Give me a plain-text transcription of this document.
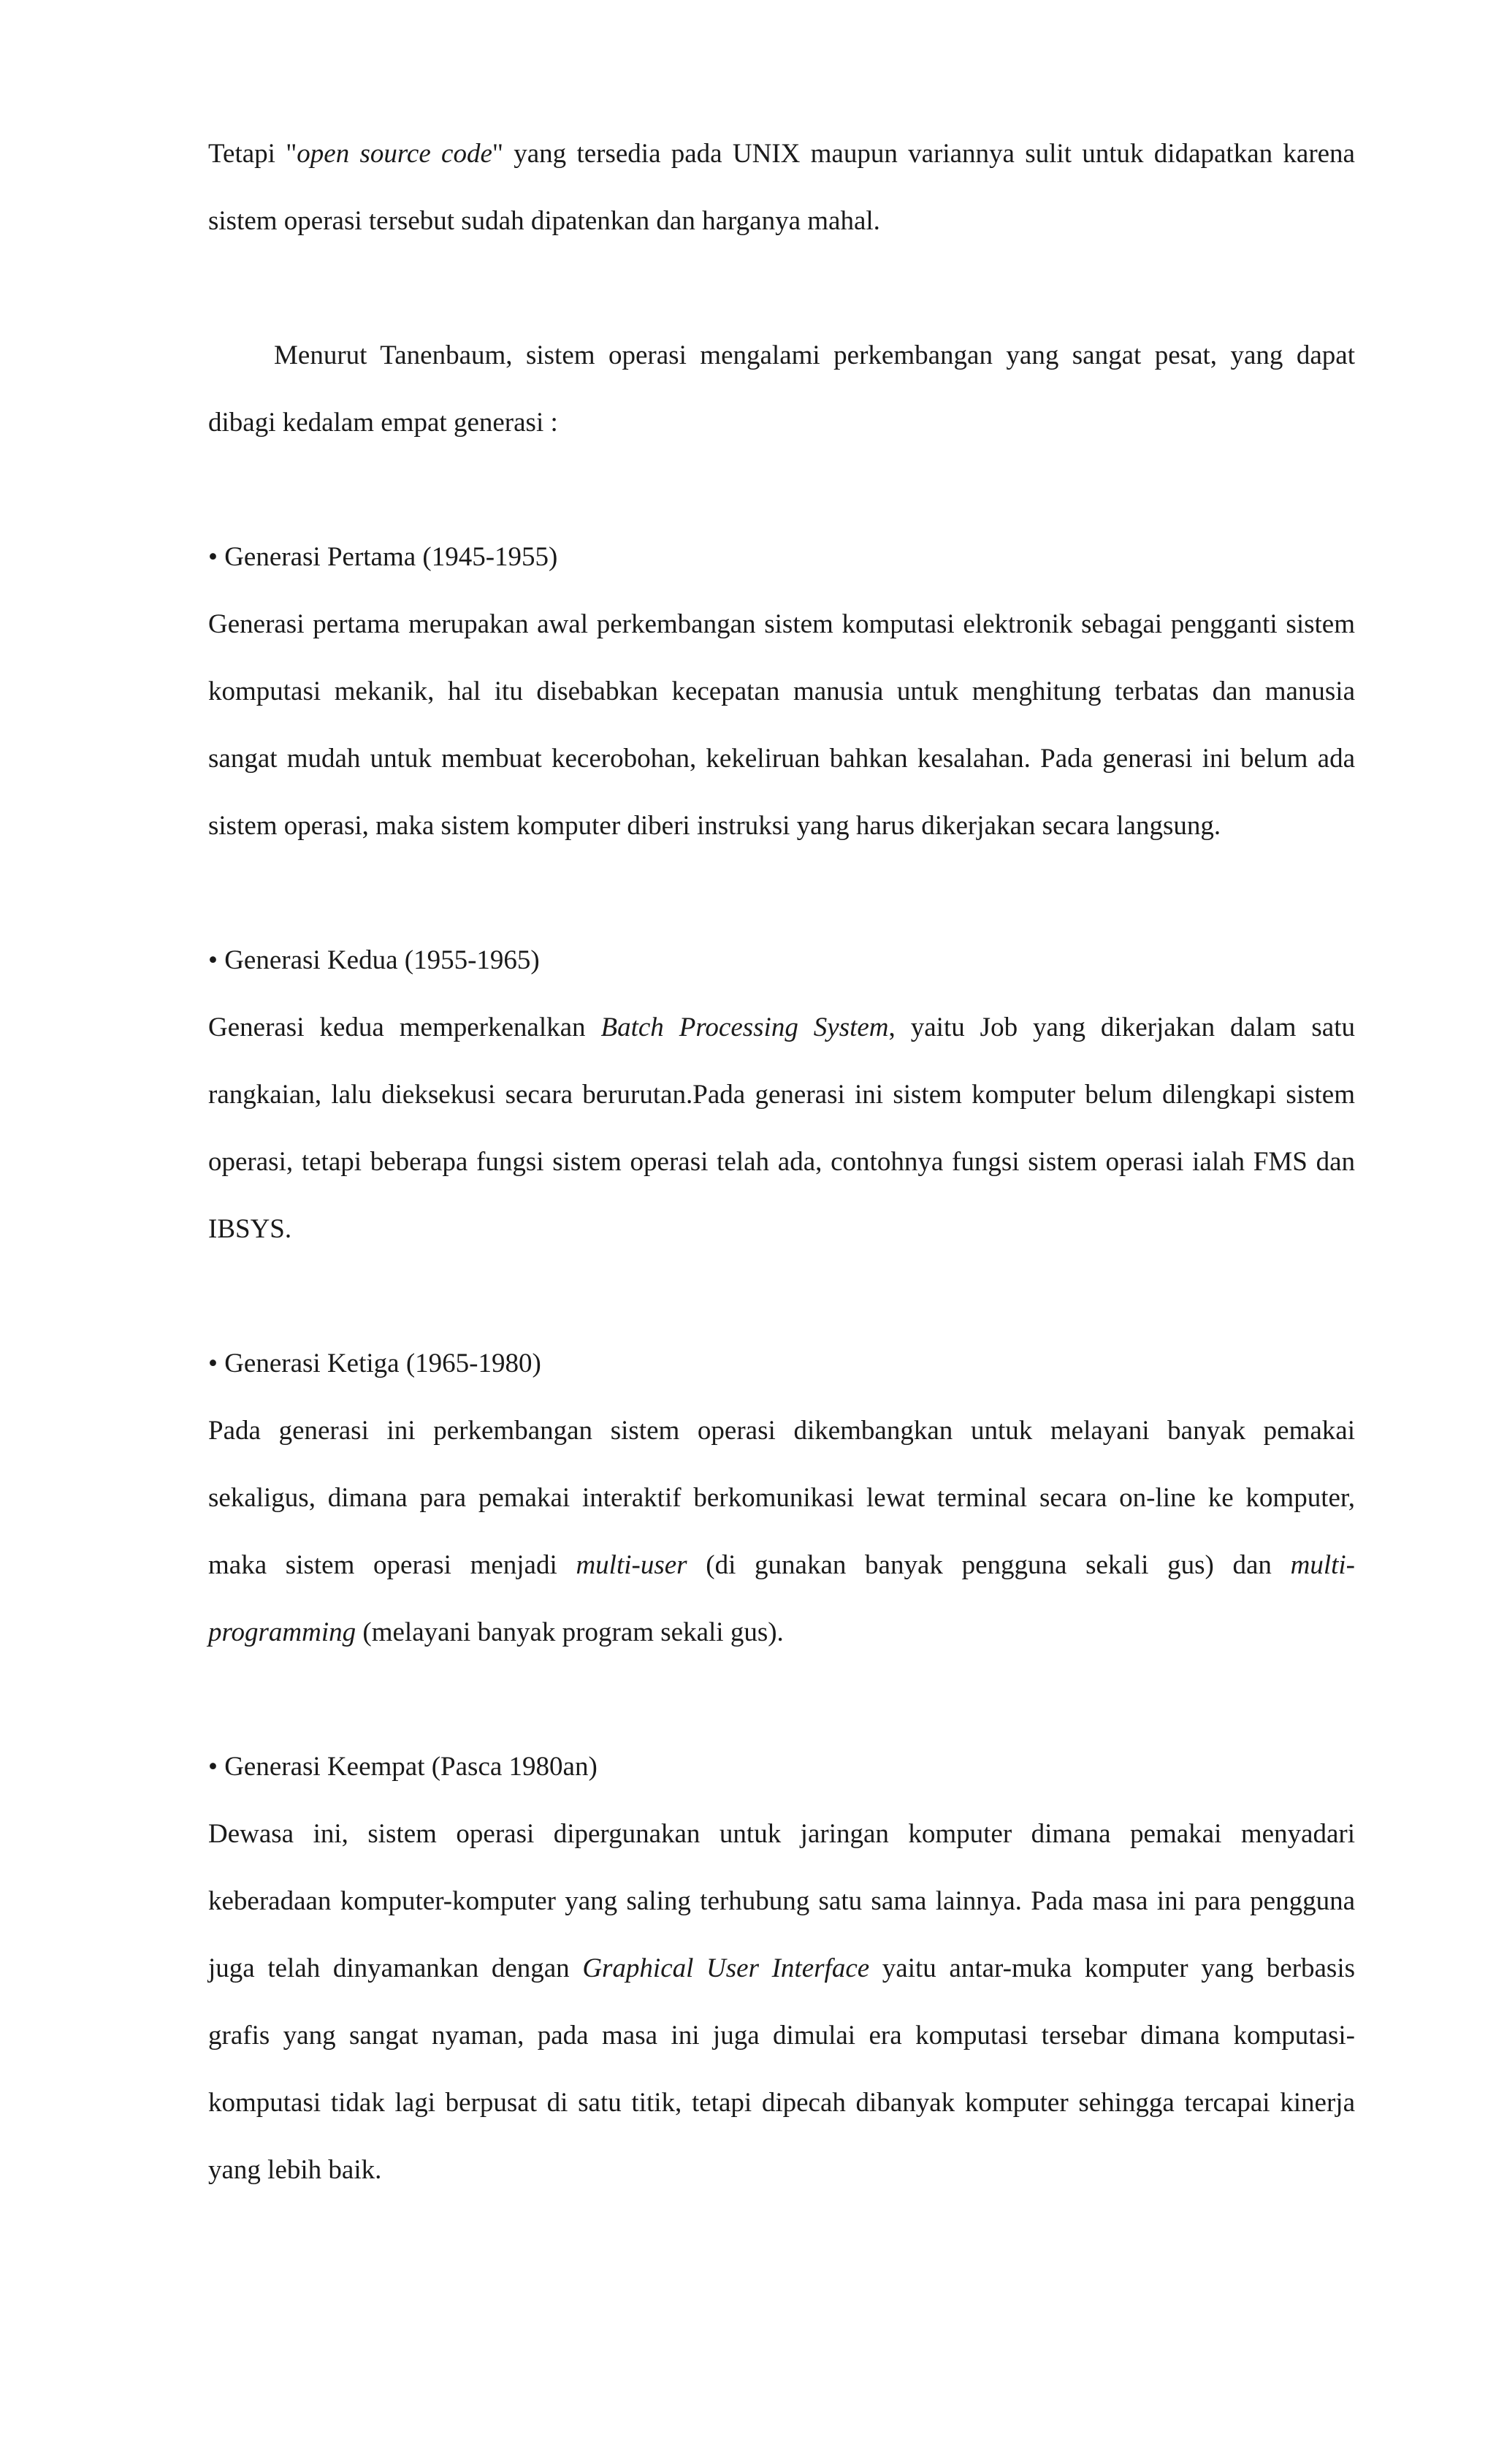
Tetapi "open source code" yang tersedia pada UNIX maupun variannya sulit untuk didapatkan karena sistem operasi tersebut sudah dipatenkan dan harganya mahal.

Menurut Tanenbaum, sistem operasi mengalami perkembangan yang sangat pesat, yang dapat dibagi kedalam empat generasi :

• Generasi Pertama (1945-1955)

Generasi pertama merupakan awal perkembangan sistem komputasi elektronik sebagai pengganti sistem komputasi mekanik, hal itu disebabkan kecepatan manusia untuk menghitung terbatas dan manusia sangat mudah untuk membuat kecerobohan, kekeliruan bahkan kesalahan. Pada generasi ini belum ada sistem operasi, maka sistem komputer diberi instruksi yang harus dikerjakan secara langsung.

• Generasi Kedua (1955-1965)

Generasi kedua memperkenalkan Batch Processing System, yaitu Job yang dikerjakan dalam satu rangkaian, lalu dieksekusi secara berurutan.Pada generasi ini sistem komputer belum dilengkapi sistem operasi, tetapi beberapa fungsi sistem operasi telah ada, contohnya fungsi sistem operasi ialah FMS dan IBSYS.

• Generasi Ketiga (1965-1980)

Pada generasi ini perkembangan sistem operasi dikembangkan untuk melayani banyak pemakai sekaligus, dimana para pemakai interaktif berkomunikasi lewat terminal secara on-line ke komputer, maka sistem operasi menjadi multi-user (di gunakan banyak pengguna sekali gus) dan multi-programming (melayani banyak program sekali gus).

• Generasi Keempat (Pasca 1980an)

Dewasa ini, sistem operasi dipergunakan untuk jaringan komputer dimana pemakai menyadari keberadaan komputer-komputer yang saling terhubung satu sama lainnya. Pada masa ini para pengguna juga telah dinyamankan dengan Graphical User Interface yaitu antar-muka komputer yang berbasis grafis yang sangat nyaman, pada masa ini juga dimulai era komputasi tersebar dimana komputasi-komputasi tidak lagi berpusat di satu titik, tetapi dipecah dibanyak komputer sehingga tercapai kinerja yang lebih baik.
